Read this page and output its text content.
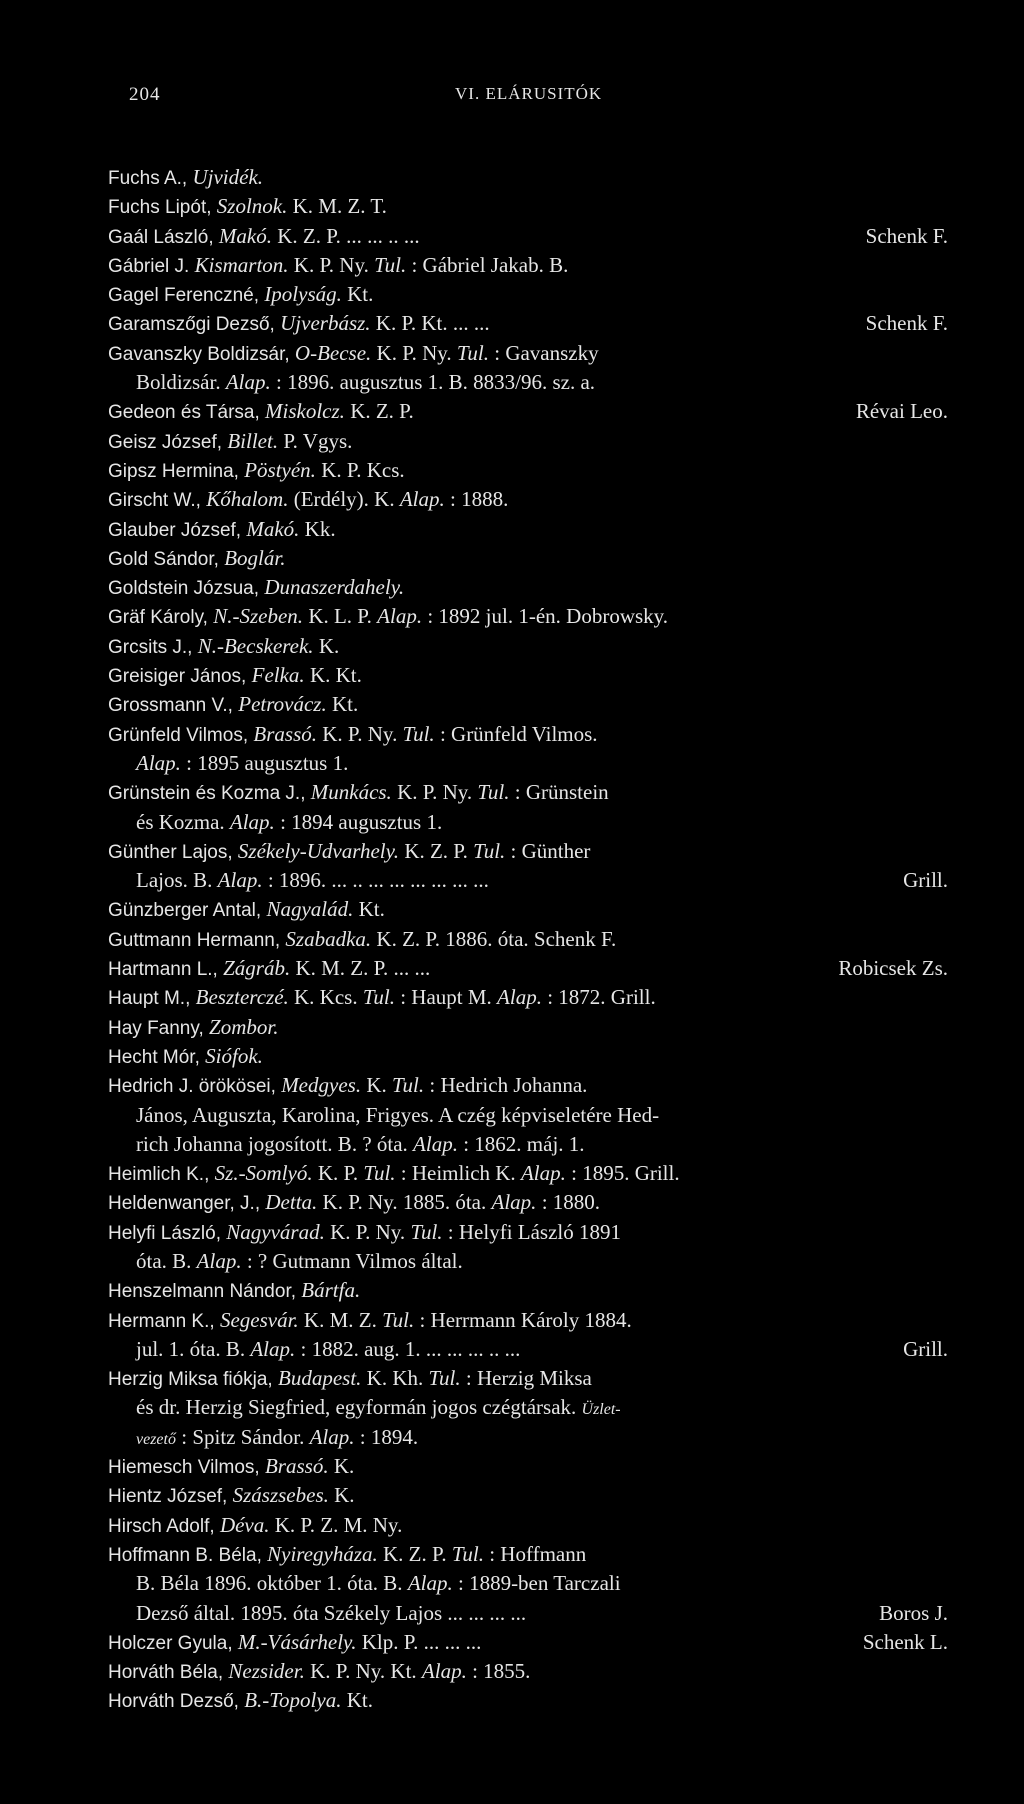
204	VI. ELÁRUSITÓK
Fuchs A., Ujvidék.
Fuchs Lipót, Szolnok. K. M. Z. T.
Gaál László, Makó. K. Z. P. ... ... .. ...	Schenk F.
Gábriel J. Kismarton. K. P. Ny. Tul. : Gábriel Jakab. B.
Gagel Ferenczné, Ipolyság. Kt.
Garamszőgi Dezső, Ujverbász. K. P. Kt. ... ...	Schenk F.
Gavanszky Boldizsár, O-Becse. K. P. Ny. Tul. : Gavanszky
Boldizsár. Alap. : 1896. augusztus 1. B. 8833/96. sz. a.
Gedeon és Társa, Miskolcz. K. Z. P.	Révai Leo.
Geisz József, Billet. P. Vgys.
Gipsz Hermina, Pöstyén. K. P. Kcs.
Girscht W., Kőhalom. (Erdély). K. Alap. : 1888.
Glauber József, Makó. Kk.
Gold Sándor, Boglár.
Goldstein Józsua, Dunaszerdahely.
Gräf Károly, N.-Szeben. K. L. P. Alap. : 1892 jul. 1-én. Dobrowsky.
Grcsits J., N.-Becskerek. K.
Greisiger János, Felka. K. Kt.
Grossmann V., Petrovácz. Kt.
Grünfeld Vilmos, Brassó. K. P. Ny. Tul. : Grünfeld Vilmos.
Alap. : 1895 augusztus 1.
Grünstein és Kozma J., Munkács. K. P. Ny. Tul. : Grünstein
és Kozma. Alap. : 1894 augusztus 1.
Günther Lajos, Székely-Udvarhely. K. Z. P. Tul. : Günther
Lajos. B. Alap. : 1896. ... .. ... ... ... ... ... ...	Grill.
Günzberger Antal, Nagyalád. Kt.
Guttmann Hermann, Szabadka. K. Z. P. 1886. óta. Schenk F.
Hartmann L., Zágráb. K. M. Z. P. ... ...	Robicsek Zs.
Haupt M., Beszterczé. K. Kcs. Tul. : Haupt M. Alap. : 1872. Grill.
Hay Fanny, Zombor.
Hecht Mór, Siófok.
Hedrich J. örökösei, Medgyes. K. Tul. : Hedrich Johanna.
János, Auguszta, Karolina, Frigyes. A czég képviseletére Hed-
rich Johanna jogosított. B. ? óta. Alap. : 1862. máj. 1.
Heimlich K., Sz.-Somlyó. K. P. Tul. : Heimlich K. Alap. : 1895. Grill.
Heldenwanger, J., Detta. K. P. Ny. 1885. óta. Alap. : 1880.
Helyfi László, Nagyvárad. K. P. Ny. Tul. : Helyfi László 1891
óta. B. Alap. : ? Gutmann Vilmos által.
Henszelmann Nándor, Bártfa.
Hermann K., Segesvár. K. M. Z. Tul. : Herrmann Károly 1884.
jul. 1. óta. B. Alap. : 1882. aug. 1. ... ... ... .. ...	Grill.
Herzig Miksa fiókja, Budapest. K. Kh. Tul. : Herzig Miksa
és dr. Herzig Siegfried, egyformán jogos czégtársak. Üzlet-
vezető : Spitz Sándor. Alap. : 1894.
Hiemesch Vilmos, Brassó. K.
Hientz József, Szászsebes. K.
Hirsch Adolf, Déva. K. P. Z. M. Ny.
Hoffmann B. Béla, Nyiregyháza. K. Z. P. Tul. : Hoffmann
B. Béla 1896. október 1. óta. B. Alap. : 1889-ben Tarczali
Dezső által. 1895. óta Székely Lajos ... ... ... ...	Boros J.
Holczer Gyula, M.-Vásárhely. Klp. P. ... ... ...	Schenk L.
Horváth Béla, Nezsider. K. P. Ny. Kt. Alap. : 1855.
Horváth Dezső, B.-Topolya. Kt.
